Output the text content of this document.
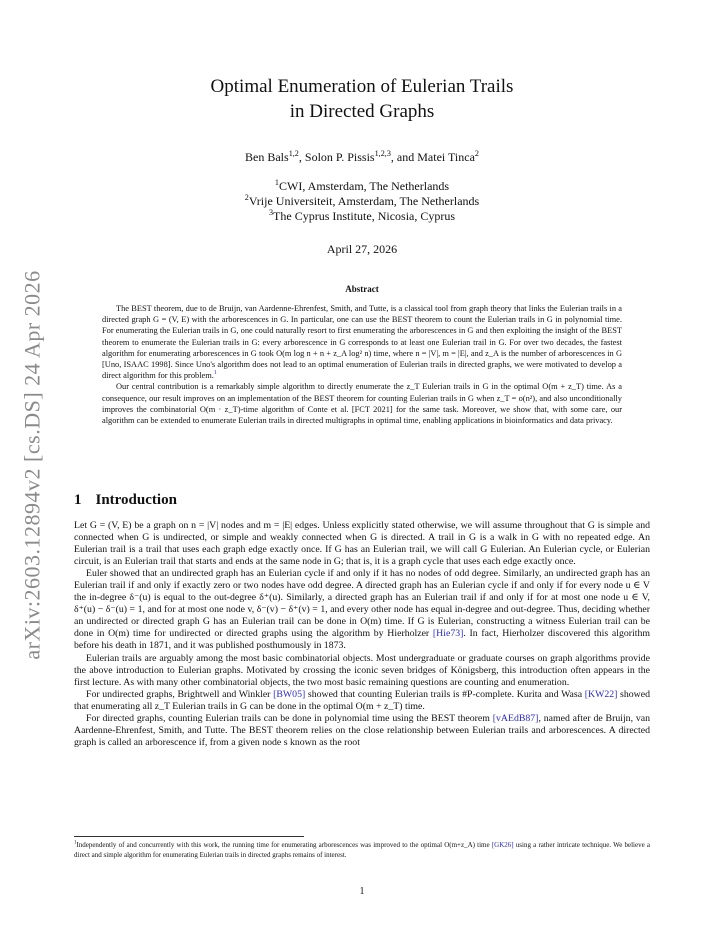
arXiv:2603.12894v2 [cs.DS] 24 Apr 2026
Optimal Enumeration of Eulerian Trails
in Directed Graphs
Ben Bals$^{1,2}$, Solon P. Pissis$^{1,2,3}$, and Matei Tinca$^2$
$^1$CWI, Amsterdam, The Netherlands
$^2$Vrije Universiteit, Amsterdam, The Netherlands
$^3$The Cyprus Institute, Nicosia, Cyprus
April 27, 2026
Abstract

The BEST theorem, due to de Bruijn, van Aardenne-Ehrenfest, Smith, and Tutte, is a classical tool from graph theory that links the Eulerian trails in a directed graph G = (V, E) with the arborescences in G. In particular, one can use the BEST theorem to count the Eulerian trails in G in polynomial time. For enumerating the Eulerian trails in G, one could naturally resort to first enumerating the arborescences in G and then exploiting the insight of the BEST theorem to enumerate the Eulerian trails in G: every arborescence in G corresponds to at least one Eulerian trail in G. For over two decades, the fastest algorithm for enumerating arborescences in G took O(m log n + n + z_A log² n) time, where n = |V|, m = |E|, and z_A is the number of arborescences in G [Uno, ISAAC 1998]. Since Uno's algorithm does not lead to an optimal enumeration of Eulerian trails in directed graphs, we were motivated to develop a direct algorithm for this problem.$^1$

Our central contribution is a remarkably simple algorithm to directly enumerate the z_T Eulerian trails in G in the optimal O(m + z_T) time. As a consequence, our result improves on an implementation of the BEST theorem for counting Eulerian trails in G when z_T = o(n²), and also unconditionally improves the combinatorial O(m · z_T)-time algorithm of Conte et al. [FCT 2021] for the same task. Moreover, we show that, with some care, our algorithm can be extended to enumerate Eulerian trails in directed multigraphs in optimal time, enabling applications in bioinformatics and data privacy.

1 Introduction

Let G = (V, E) be a graph on n = |V| nodes and m = |E| edges. Unless explicitly stated otherwise, we will assume throughout that G is simple and connected when G is undirected, or simple and weakly connected when G is directed. A trail in G is a walk in G with no repeated edge. An Eulerian trail is a trail that uses each graph edge exactly once. If G has an Eulerian trail, we will call G Eulerian. An Eulerian cycle, or Eulerian circuit, is an Eulerian trail that starts and ends at the same node in G; that is, it is a graph cycle that uses each edge exactly once.

Euler showed that an undirected graph has an Eulerian cycle if and only if it has no nodes of odd degree. Similarly, an undirected graph has an Eulerian trail if and only if exactly zero or two nodes have odd degree. A directed graph has an Eulerian cycle if and only if for every node u ∈ V the in-degree δ⁻(u) is equal to the out-degree δ⁺(u). Similarly, a directed graph has an Eulerian trail if and only if for at most one node u ∈ V, δ⁺(u) − δ⁻(u) = 1, and for at most one node v, δ⁻(v) − δ⁺(v) = 1, and every other node has equal in-degree and out-degree. Thus, deciding whether an undirected or directed graph G has an Eulerian trail can be done in O(m) time. If G is Eulerian, constructing a witness Eulerian trail can be done in O(m) time for undirected or directed graphs using the algorithm by Hierholzer [Hie73]. In fact, Hierholzer discovered this algorithm before his death in 1871, and it was published posthumously in 1873.

Eulerian trails are arguably among the most basic combinatorial objects. Most undergraduate or graduate courses on graph algorithms provide the above introduction to Eulerian graphs. Motivated by crossing the iconic seven bridges of Königsberg, this introduction often appears in the first lecture. As with many other combinatorial objects, the two most basic remaining questions are counting and enumeration.

For undirected graphs, Brightwell and Winkler [BW05] showed that counting Eulerian trails is #P-complete. Kurita and Wasa [KW22] showed that enumerating all z_T Eulerian trails in G can be done in the optimal O(m + z_T) time.

For directed graphs, counting Eulerian trails can be done in polynomial time using the BEST theorem [vAEdB87], named after de Bruijn, van Aardenne-Ehrenfest, Smith, and Tutte. The BEST theorem relies on the close relationship between Eulerian trails and arborescences. A directed graph is called an arborescence if, from a given node s known as the root

$^1$Independently of and concurrently with this work, the running time for enumerating arborescences was improved to the optimal O(m+z_A) time [GK26] using a rather intricate technique. We believe a direct and simple algorithm for enumerating Eulerian trails in directed graphs remains of interest.
1
